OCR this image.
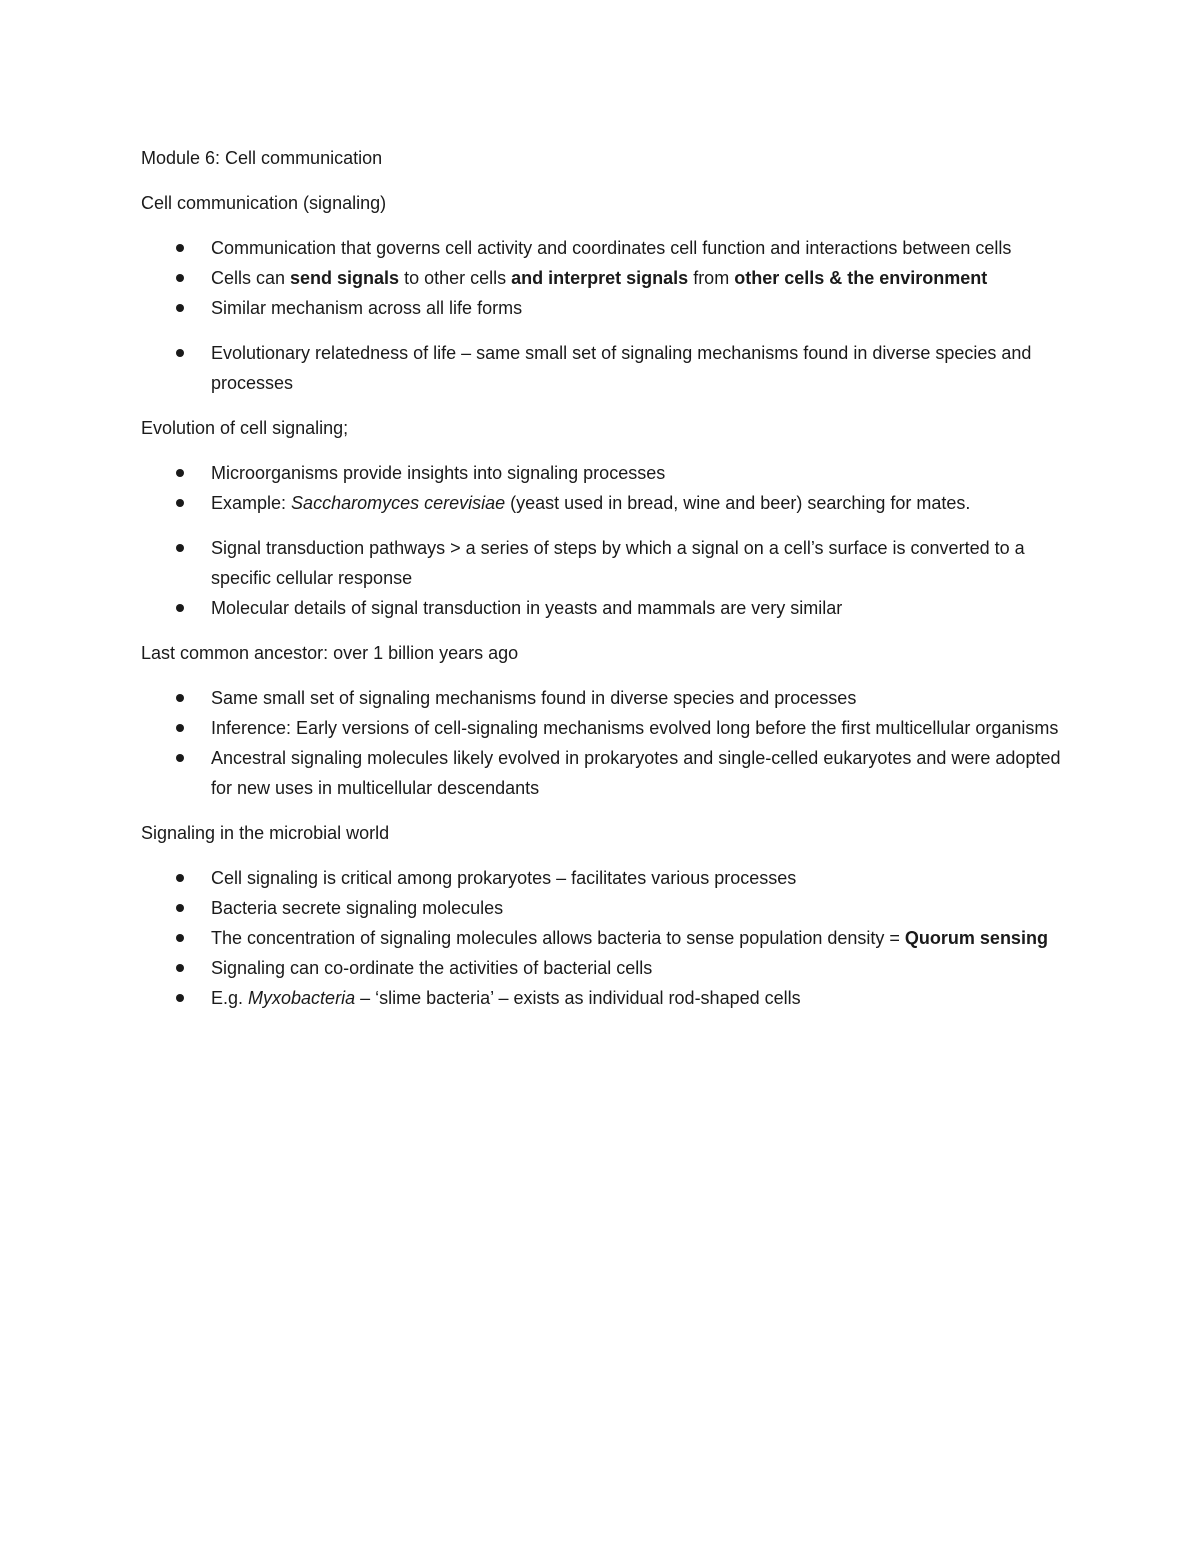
Module 6: Cell communication

Cell communication (signaling)

Communication that governs cell activity and coordinates cell function and interactions between cells
Cells can send signals to other cells and interpret signals from other cells & the environment
Similar mechanism across all life forms

Evolutionary relatedness of life – same small set of signaling mechanisms found in diverse species and processes

Evolution of cell signaling;

Microorganisms provide insights into signaling processes
Example: Saccharomyces cerevisiae (yeast used in bread, wine and beer) searching for mates.

Signal transduction pathways > a series of steps by which a signal on a cell’s surface is converted to a specific cellular response
Molecular details of signal transduction in yeasts and mammals are very similar

Last common ancestor: over 1 billion years ago

Same small set of signaling mechanisms found in diverse species and processes
Inference: Early versions of cell-signaling mechanisms evolved long before the first multicellular organisms
Ancestral signaling molecules likely evolved in prokaryotes and single-celled eukaryotes and were adopted for new uses in multicellular descendants

Signaling in the microbial world

Cell signaling is critical among prokaryotes – facilitates various processes
Bacteria secrete signaling molecules
The concentration of signaling molecules allows bacteria to sense population density = Quorum sensing
Signaling can co-ordinate the activities of bacterial cells
E.g. Myxobacteria – ‘slime bacteria’ – exists as individual rod-shaped cells
